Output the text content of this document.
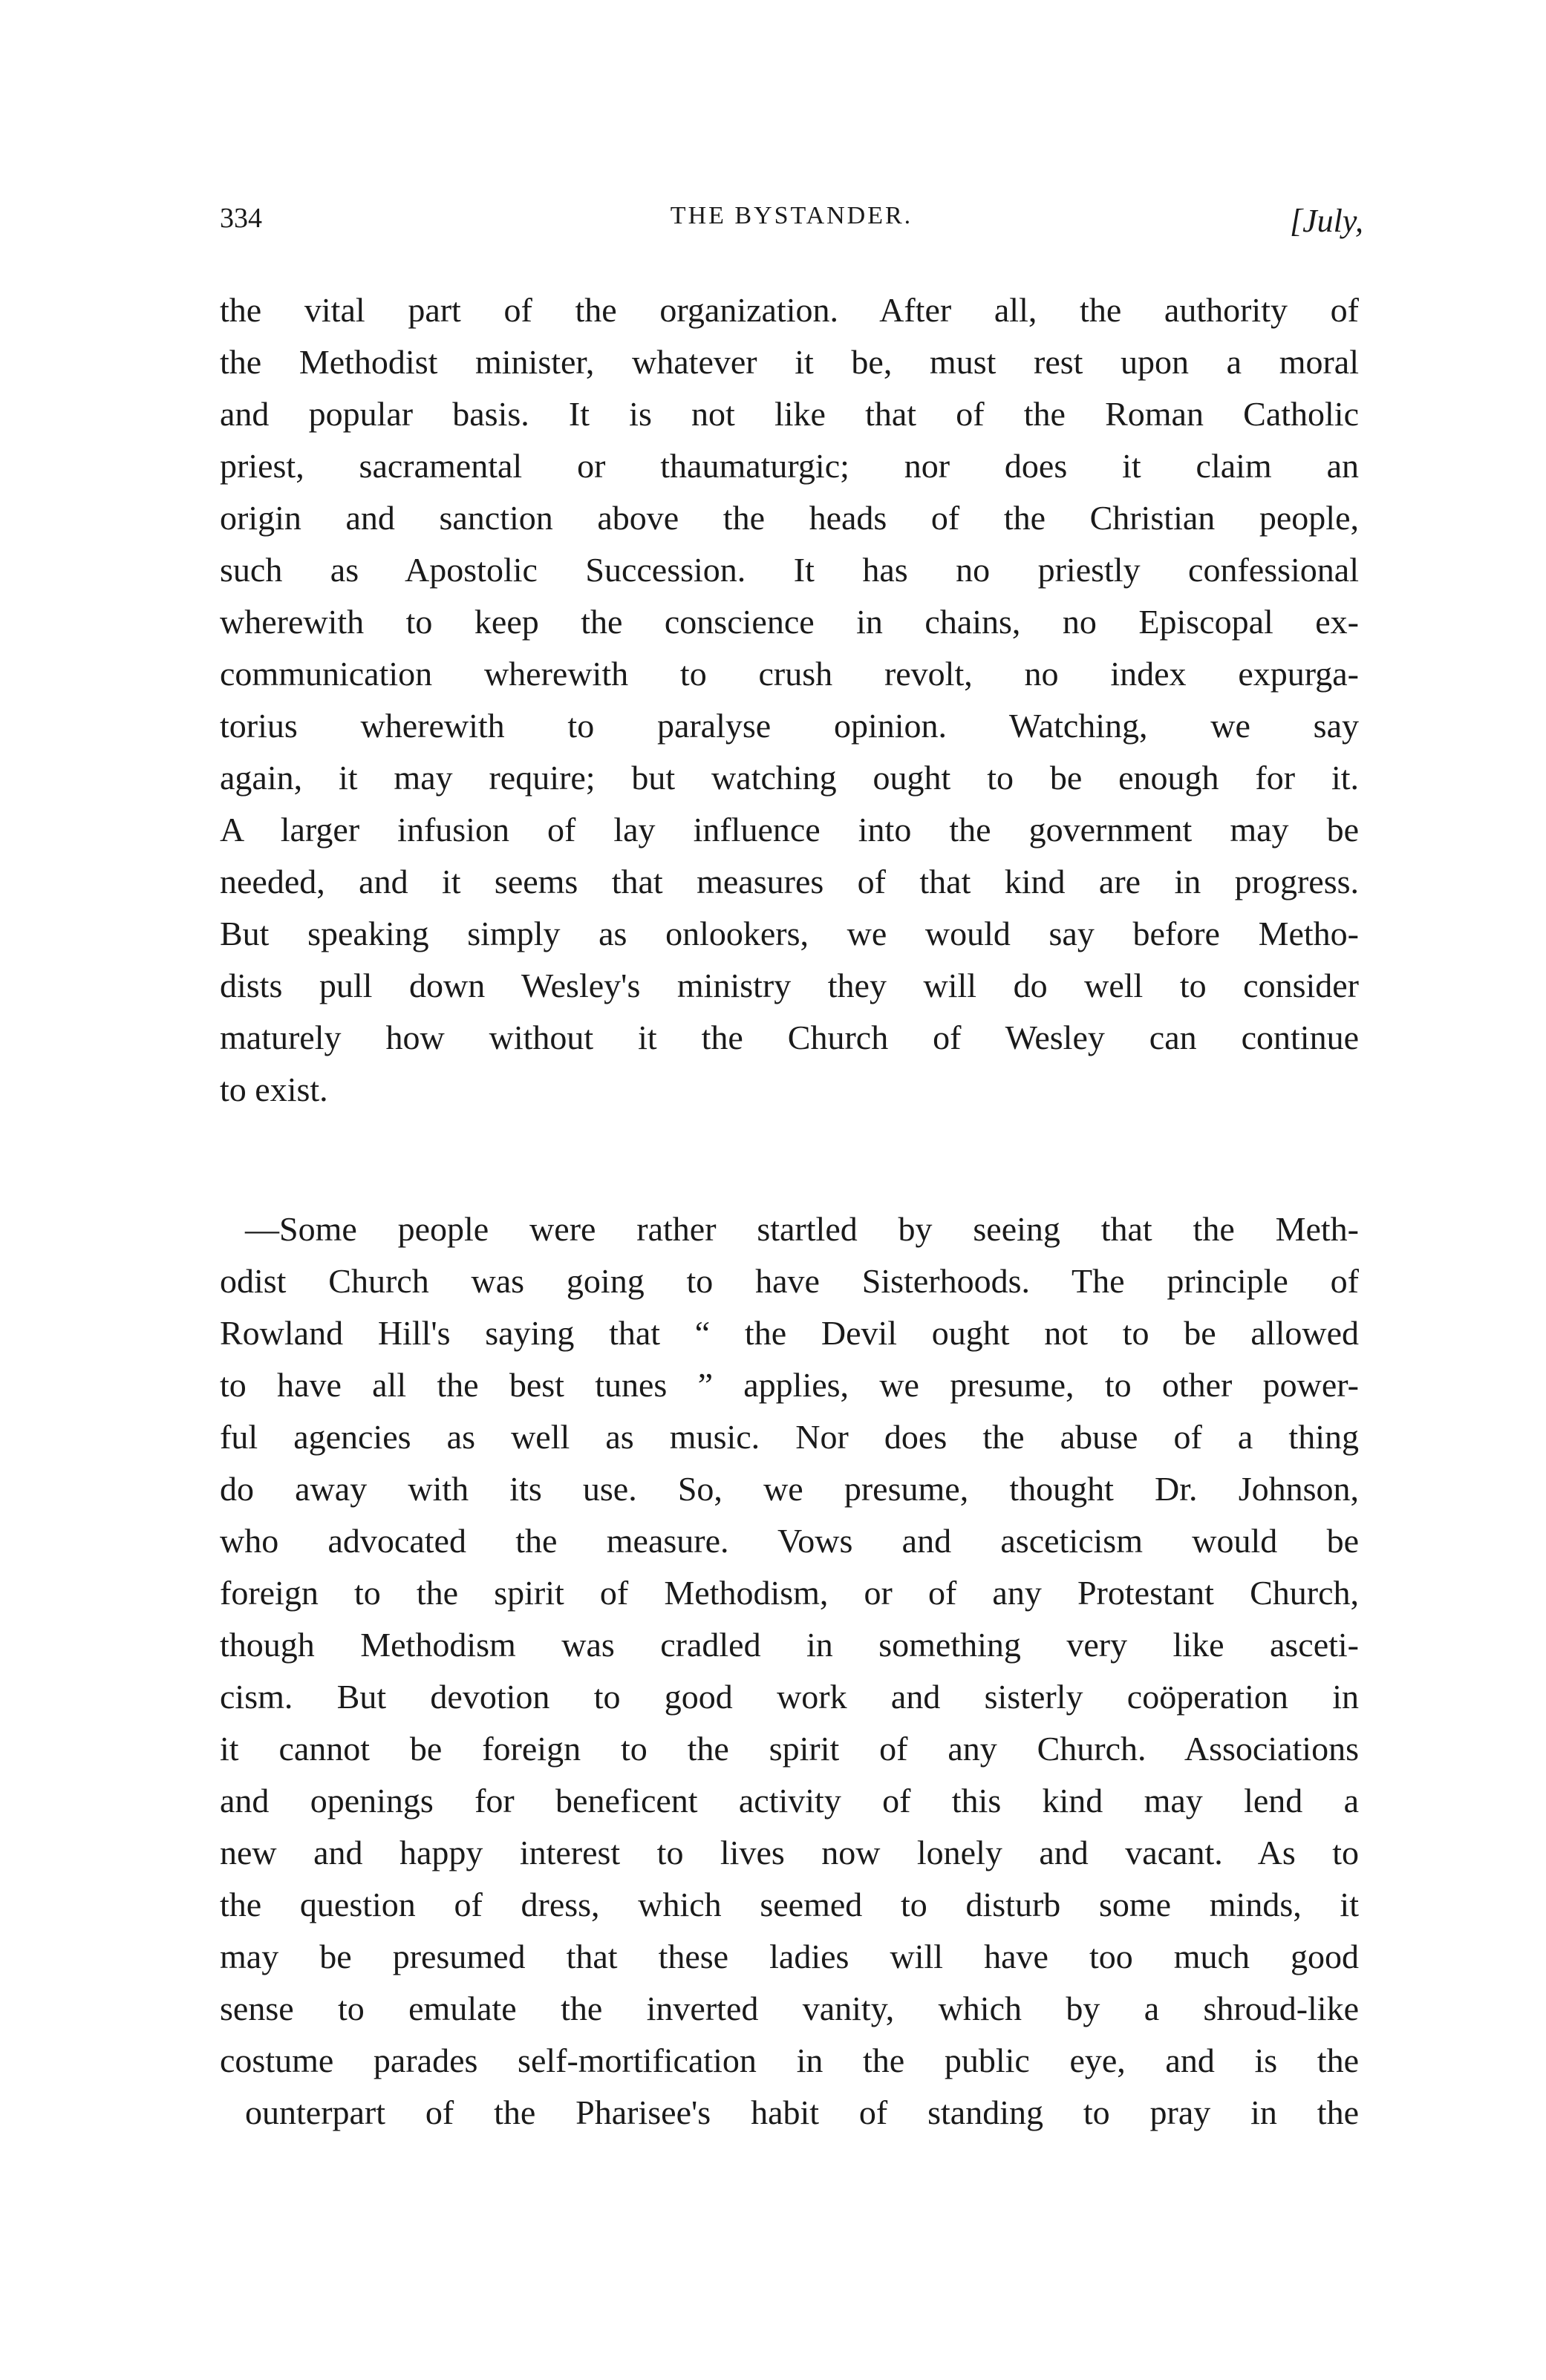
334	THE BYSTANDER.	[July,
the vital part of the organization. After all, the authority of
the Methodist minister, whatever it be, must rest upon a moral
and popular basis. It is not like that of the Roman Catholic
priest, sacramental or thaumaturgic; nor does it claim an
origin and sanction above the heads of the Christian people,
such as Apostolic Succession. It has no priestly confessional
wherewith to keep the conscience in chains, no Episcopal ex-
communication wherewith to crush revolt, no index expurga-
torius wherewith to paralyse opinion. Watching, we say
again, it may require; but watching ought to be enough for it.
A larger infusion of lay influence into the government may be
needed, and it seems that measures of that kind are in progress.
But speaking simply as onlookers, we would say before Metho-
dists pull down Wesley's ministry they will do well to consider
maturely how without it the Church of Wesley can continue
to exist.
—Some people were rather startled by seeing that the Meth-
odist Church was going to have Sisterhoods. The principle of
Rowland Hill's saying that “ the Devil ought not to be allowed
to have all the best tunes ” applies, we presume, to other power-
ful agencies as well as music. Nor does the abuse of a thing
do away with its use. So, we presume, thought Dr. Johnson,
who advocated the measure. Vows and asceticism would be
foreign to the spirit of Methodism, or of any Protestant Church,
though Methodism was cradled in something very like asceti-
cism. But devotion to good work and sisterly coöperation in
it cannot be foreign to the spirit of any Church. Associations
and openings for beneficent activity of this kind may lend a
new and happy interest to lives now lonely and vacant. As to
the question of dress, which seemed to disturb some minds, it
may be presumed that these ladies will have too much good
sense to emulate the inverted vanity, which by a shroud-like
costume parades self-mortification in the public eye, and is the
ounterpart of the Pharisee's habit of standing to pray in the
